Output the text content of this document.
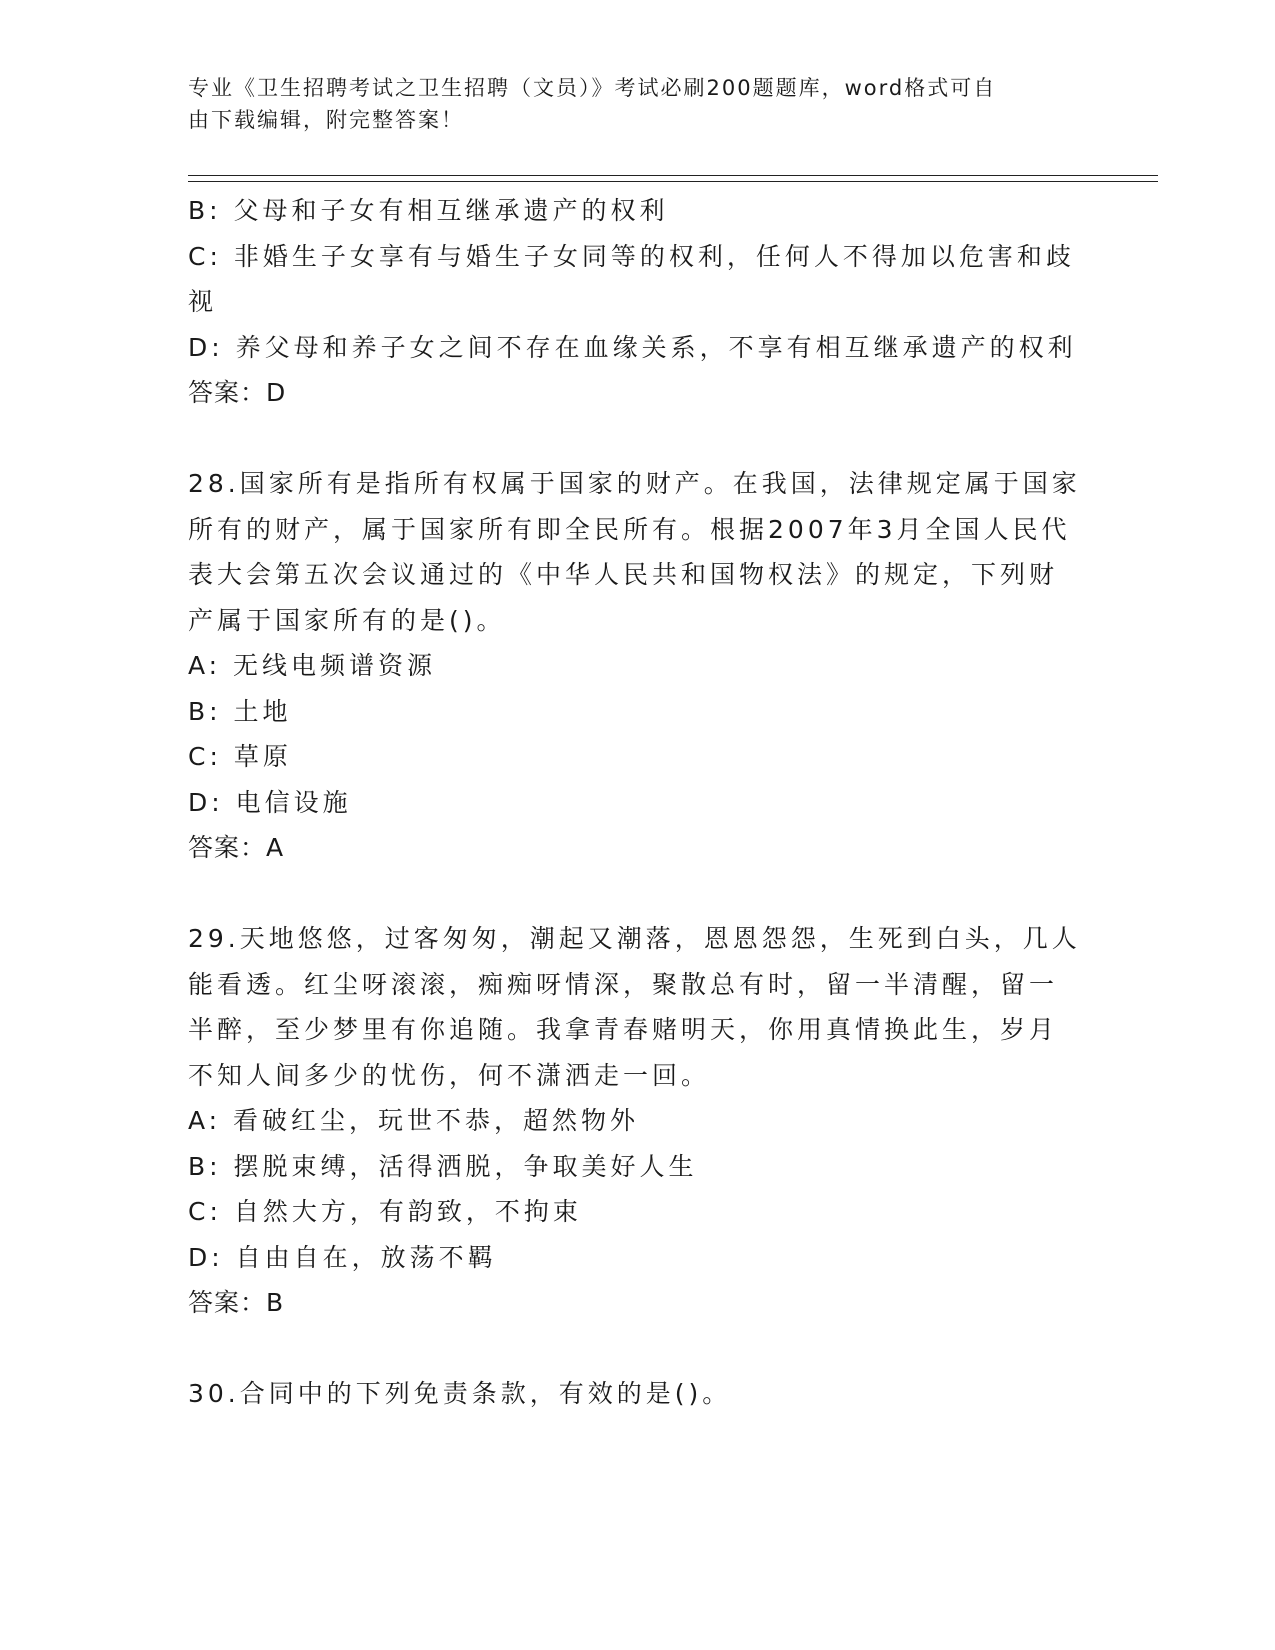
专业《卫生招聘考试之卫生招聘（文员）》考试必刷200题题库，word格式可自
由下载编辑，附完整答案！
B: 父母和子女有相互继承遗产的权利
C: 非婚生子女享有与婚生子女同等的权利，任何人不得加以危害和歧
视
D: 养父母和养子女之间不存在血缘关系，不享有相互继承遗产的权利
答案：D
28.国家所有是指所有权属于国家的财产。在我国，法律规定属于国家
所有的财产，属于国家所有即全民所有。根据2007年3月全国人民代
表大会第五次会议通过的《中华人民共和国物权法》的规定，下列财
产属于国家所有的是()。
A: 无线电频谱资源
B: 土地
C: 草原
D: 电信设施
答案：A
29.天地悠悠，过客匆匆，潮起又潮落，恩恩怨怨，生死到白头，几人
能看透。红尘呀滚滚，痴痴呀情深，聚散总有时，留一半清醒，留一
半醉，至少梦里有你追随。我拿青春赌明天，你用真情换此生，岁月
不知人间多少的忧伤，何不潇洒走一回。
A: 看破红尘，玩世不恭，超然物外
B: 摆脱束缚，活得洒脱，争取美好人生
C: 自然大方，有韵致，不拘束
D: 自由自在，放荡不羁
答案：B
30.合同中的下列免责条款，有效的是()。
